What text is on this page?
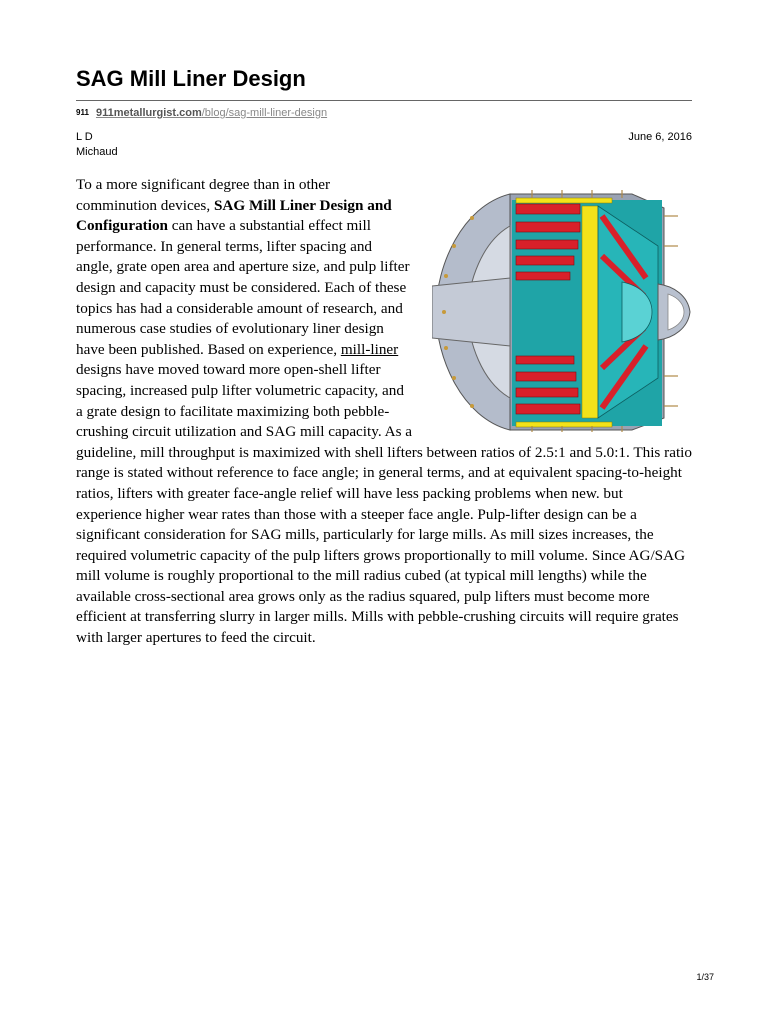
SAG Mill Liner Design
911 911metallurgist.com/blog/sag-mill-liner-design
L D Michaud
June 6, 2016
To a more significant degree than in other comminution devices, SAG Mill Liner Design and Configuration can have a substantial effect mill performance. In general terms, lifter spacing and angle, grate open area and aperture size, and pulp lifter design and capacity must be considered. Each of these topics has had a considerable amount of research, and numerous case studies of evolutionary liner design have been published. Based on experience, mill-liner designs have moved toward more open-shell lifter spacing, increased pulp lifter volumetric capacity, and a grate design to facilitate maximizing both pebble-crushing circuit utilization and SAG mill capacity. As a guideline, mill throughput is maximized with shell lifters between ratios of 2.5:1 and 5.0:1. This ratio range is stated without reference to face angle; in general terms, and at equivalent spacing-to-height ratios, lifters with greater face-angle relief will have less packing problems when new. but experience higher wear rates than those with a steeper face angle. Pulp-lifter design can be a significant consideration for SAG mills, particularly for large mills. As mill sizes increases, the required volumetric capacity of the pulp lifters grows proportionally to mill volume. Since AG/SAG mill volume is roughly proportional to the mill radius cubed (at typical mill lengths) while the available cross-sectional area grows only as the radius squared, pulp lifters must become more efficient at transferring slurry in larger mills. Mills with pebble-crushing circuits will require grates with larger apertures to feed the circuit.
1/37
